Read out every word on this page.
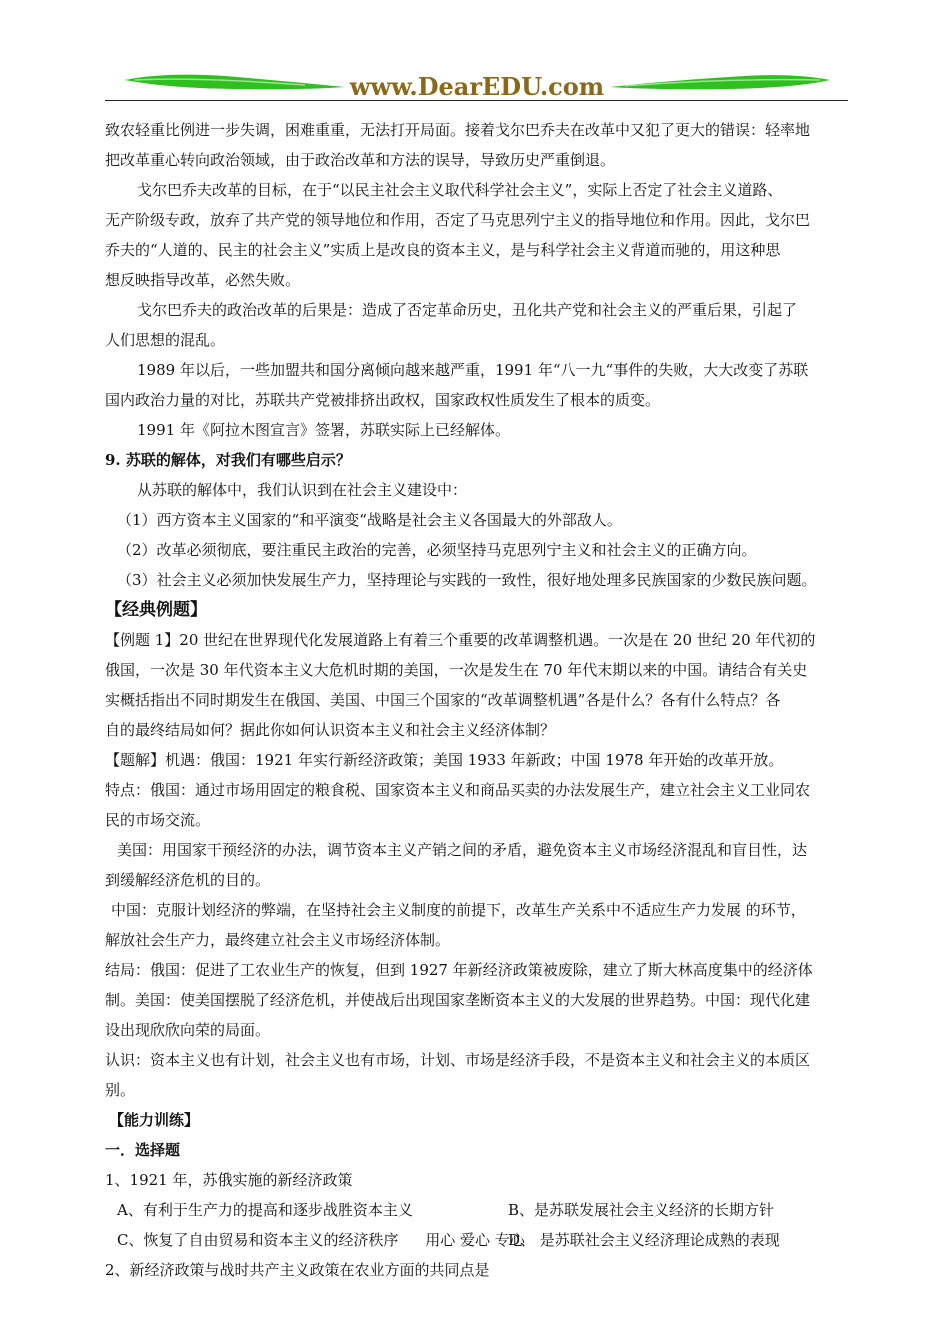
www.DearEDU.com
致农轻重比例进一步失调，困难重重，无法打开局面。接着戈尔巴乔夫在改革中又犯了更大的错误：轻率地
把改革重心转向政治领域，由于政治改革和方法的误导，导致历史严重倒退。
戈尔巴乔夫改革的目标，在于“以民主社会主义取代科学社会主义”，实际上否定了社会主义道路、
无产阶级专政，放弃了共产党的领导地位和作用，否定了马克思列宁主义的指导地位和作用。因此，戈尔巴
乔夫的“人道的、民主的社会主义”实质上是改良的资本主义，是与科学社会主义背道而驰的，用这种思
想反映指导改革，必然失败。
戈尔巴乔夫的政治改革的后果是：造成了否定革命历史，丑化共产党和社会主义的严重后果，引起了
人们思想的混乱。
1989 年以后，一些加盟共和国分离倾向越来越严重，1991 年“八一九“事件的失败，大大改变了苏联
国内政治力量的对比，苏联共产党被排挤出政权，国家政权性质发生了根本的质变。
1991 年《阿拉木图宣言》签署，苏联实际上已经解体。
9. 苏联的解体，对我们有哪些启示？
从苏联的解体中，我们认识到在社会主义建设中：
（1）西方资本主义国家的“和平演变“战略是社会主义各国最大的外部敌人。
（2）改革必须彻底，要注重民主政治的完善，必须坚持马克思列宁主义和社会主义的正确方向。
（3）社会主义必须加快发展生产力，坚持理论与实践的一致性，很好地处理多民族国家的少数民族问题。
【经典例题】
【例题 1】20 世纪在世界现代化发展道路上有着三个重要的改革调整机遇。一次是在 20 世纪 20 年代初的
俄国，一次是 30 年代资本主义大危机时期的美国，一次是发生在 70 年代末期以来的中国。请结合有关史
实概括指出不同时期发生在俄国、美国、中国三个国家的“改革调整机遇”各是什么？各有什么特点？各
自的最终结局如何？据此你如何认识资本主义和社会主义经济体制？
【题解】机遇：俄国：1921 年实行新经济政策；美国 1933 年新政；中国 1978 年开始的改革开放。
特点：俄国：通过市场用固定的粮食税、国家资本主义和商品买卖的办法发展生产，建立社会主义工业同农
民的市场交流。
美国：用国家干预经济的办法，调节资本主义产销之间的矛盾，避免资本主义市场经济混乱和盲目性，达
到缓解经济危机的目的。
中国：克服计划经济的弊端，在坚持社会主义制度的前提下，改革生产关系中不适应生产力发展 的环节，
解放社会生产力，最终建立社会主义市场经济体制。
结局：俄国：促进了工农业生产的恢复，但到 1927 年新经济政策被废除，建立了斯大林高度集中的经济体
制。美国：使美国摆脱了经济危机，并使战后出现国家垄断资本主义的大发展的世界趋势。中国：现代化建
设出现欣欣向荣的局面。
认识：资本主义也有计划，社会主义也有市场，计划、市场是经济手段，不是资本主义和社会主义的本质区
别。
【能力训练】
一．选择题
1、1921 年，苏俄实施的新经济政策
A、有利于生产力的提高和逐步战胜资本主义	B、是苏联发展社会主义经济的长期方针
C、恢复了自由贸易和资本主义的经济秩序	D、 是苏联社会主义经济理论成熟的表现
2、新经济政策与战时共产主义政策在农业方面的共同点是
用心 爱心 专心
